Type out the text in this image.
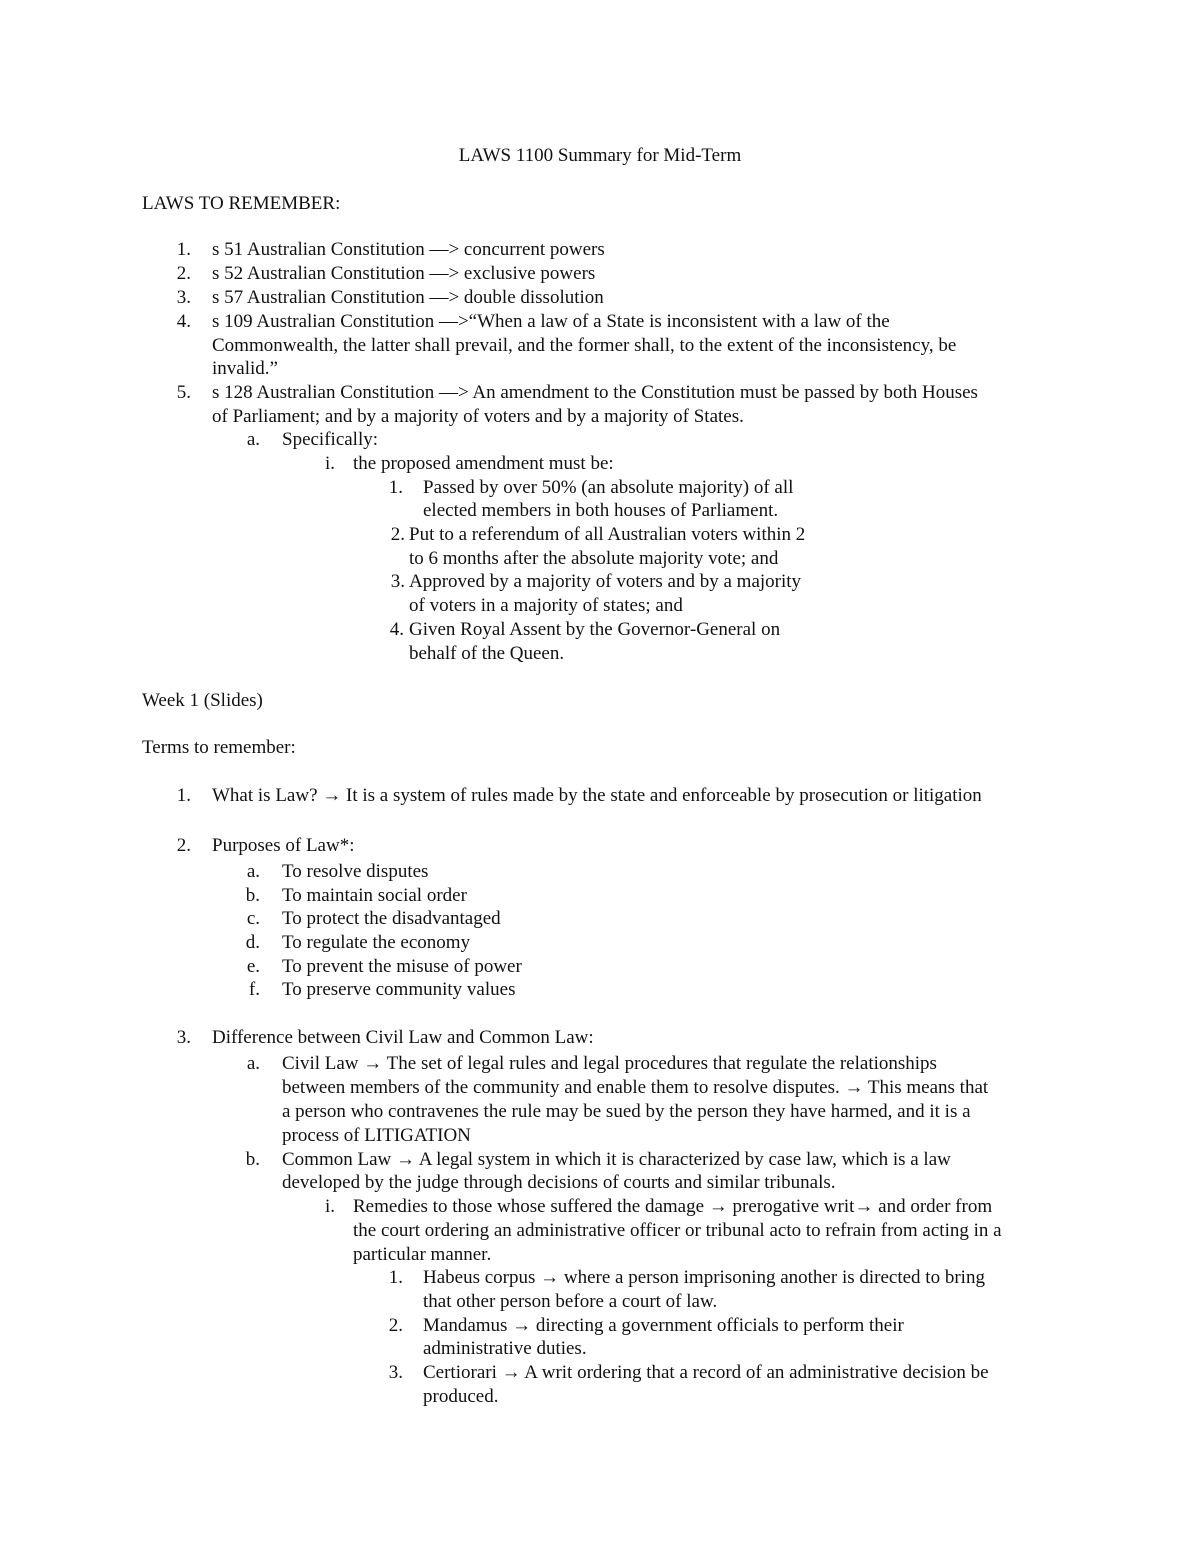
LAWS 1100 Summary for Mid-Term
LAWS TO REMEMBER:
1. s 51 Australian Constitution —> concurrent powers
2. s 52 Australian Constitution —> exclusive powers
3. s 57 Australian Constitution —> double dissolution
4. s 109 Australian Constitution —>“When a law of a State is inconsistent with a law of the
Commonwealth, the latter shall prevail, and the former shall, to the extent of the inconsistency, be
invalid.”
5. s 128 Australian Constitution —> An amendment to the Constitution must be passed by both Houses
of Parliament; and by a majority of voters and by a majority of States.
a. Specifically:
i. the proposed amendment must be:
1. Passed by over 50% (an absolute majority) of all
elected members in both houses of Parliament.
2. Put to a referendum of all Australian voters within 2
to 6 months after the absolute majority vote; and
3. Approved by a majority of voters and by a majority
of voters in a majority of states; and
4. Given Royal Assent by the Governor-General on
behalf of the Queen.
Week 1 (Slides)
Terms to remember:
1. What is Law? → It is a system of rules made by the state and enforceable by prosecution or litigation
2. Purposes of Law*:
a. To resolve disputes
b. To maintain social order
c. To protect the disadvantaged
d. To regulate the economy
e. To prevent the misuse of power
f. To preserve community values
3. Difference between Civil Law and Common Law:
a. Civil Law → The set of legal rules and legal procedures that regulate the relationships
between members of the community and enable them to resolve disputes. → This means that
a person who contravenes the rule may be sued by the person they have harmed, and it is a
process of LITIGATION
b. Common Law → A legal system in which it is characterized by case law, which is a law
developed by the judge through decisions of courts and similar tribunals.
i. Remedies to those whose suffered the damage → prerogative writ→ and order from
the court ordering an administrative officer or tribunal acto to refrain from acting in a
particular manner.
1. Habeus corpus → where a person imprisoning another is directed to bring
that other person before a court of law.
2. Mandamus → directing a government officials to perform their
administrative duties.
3. Certiorari → A writ ordering that a record of an administrative decision be
produced.
